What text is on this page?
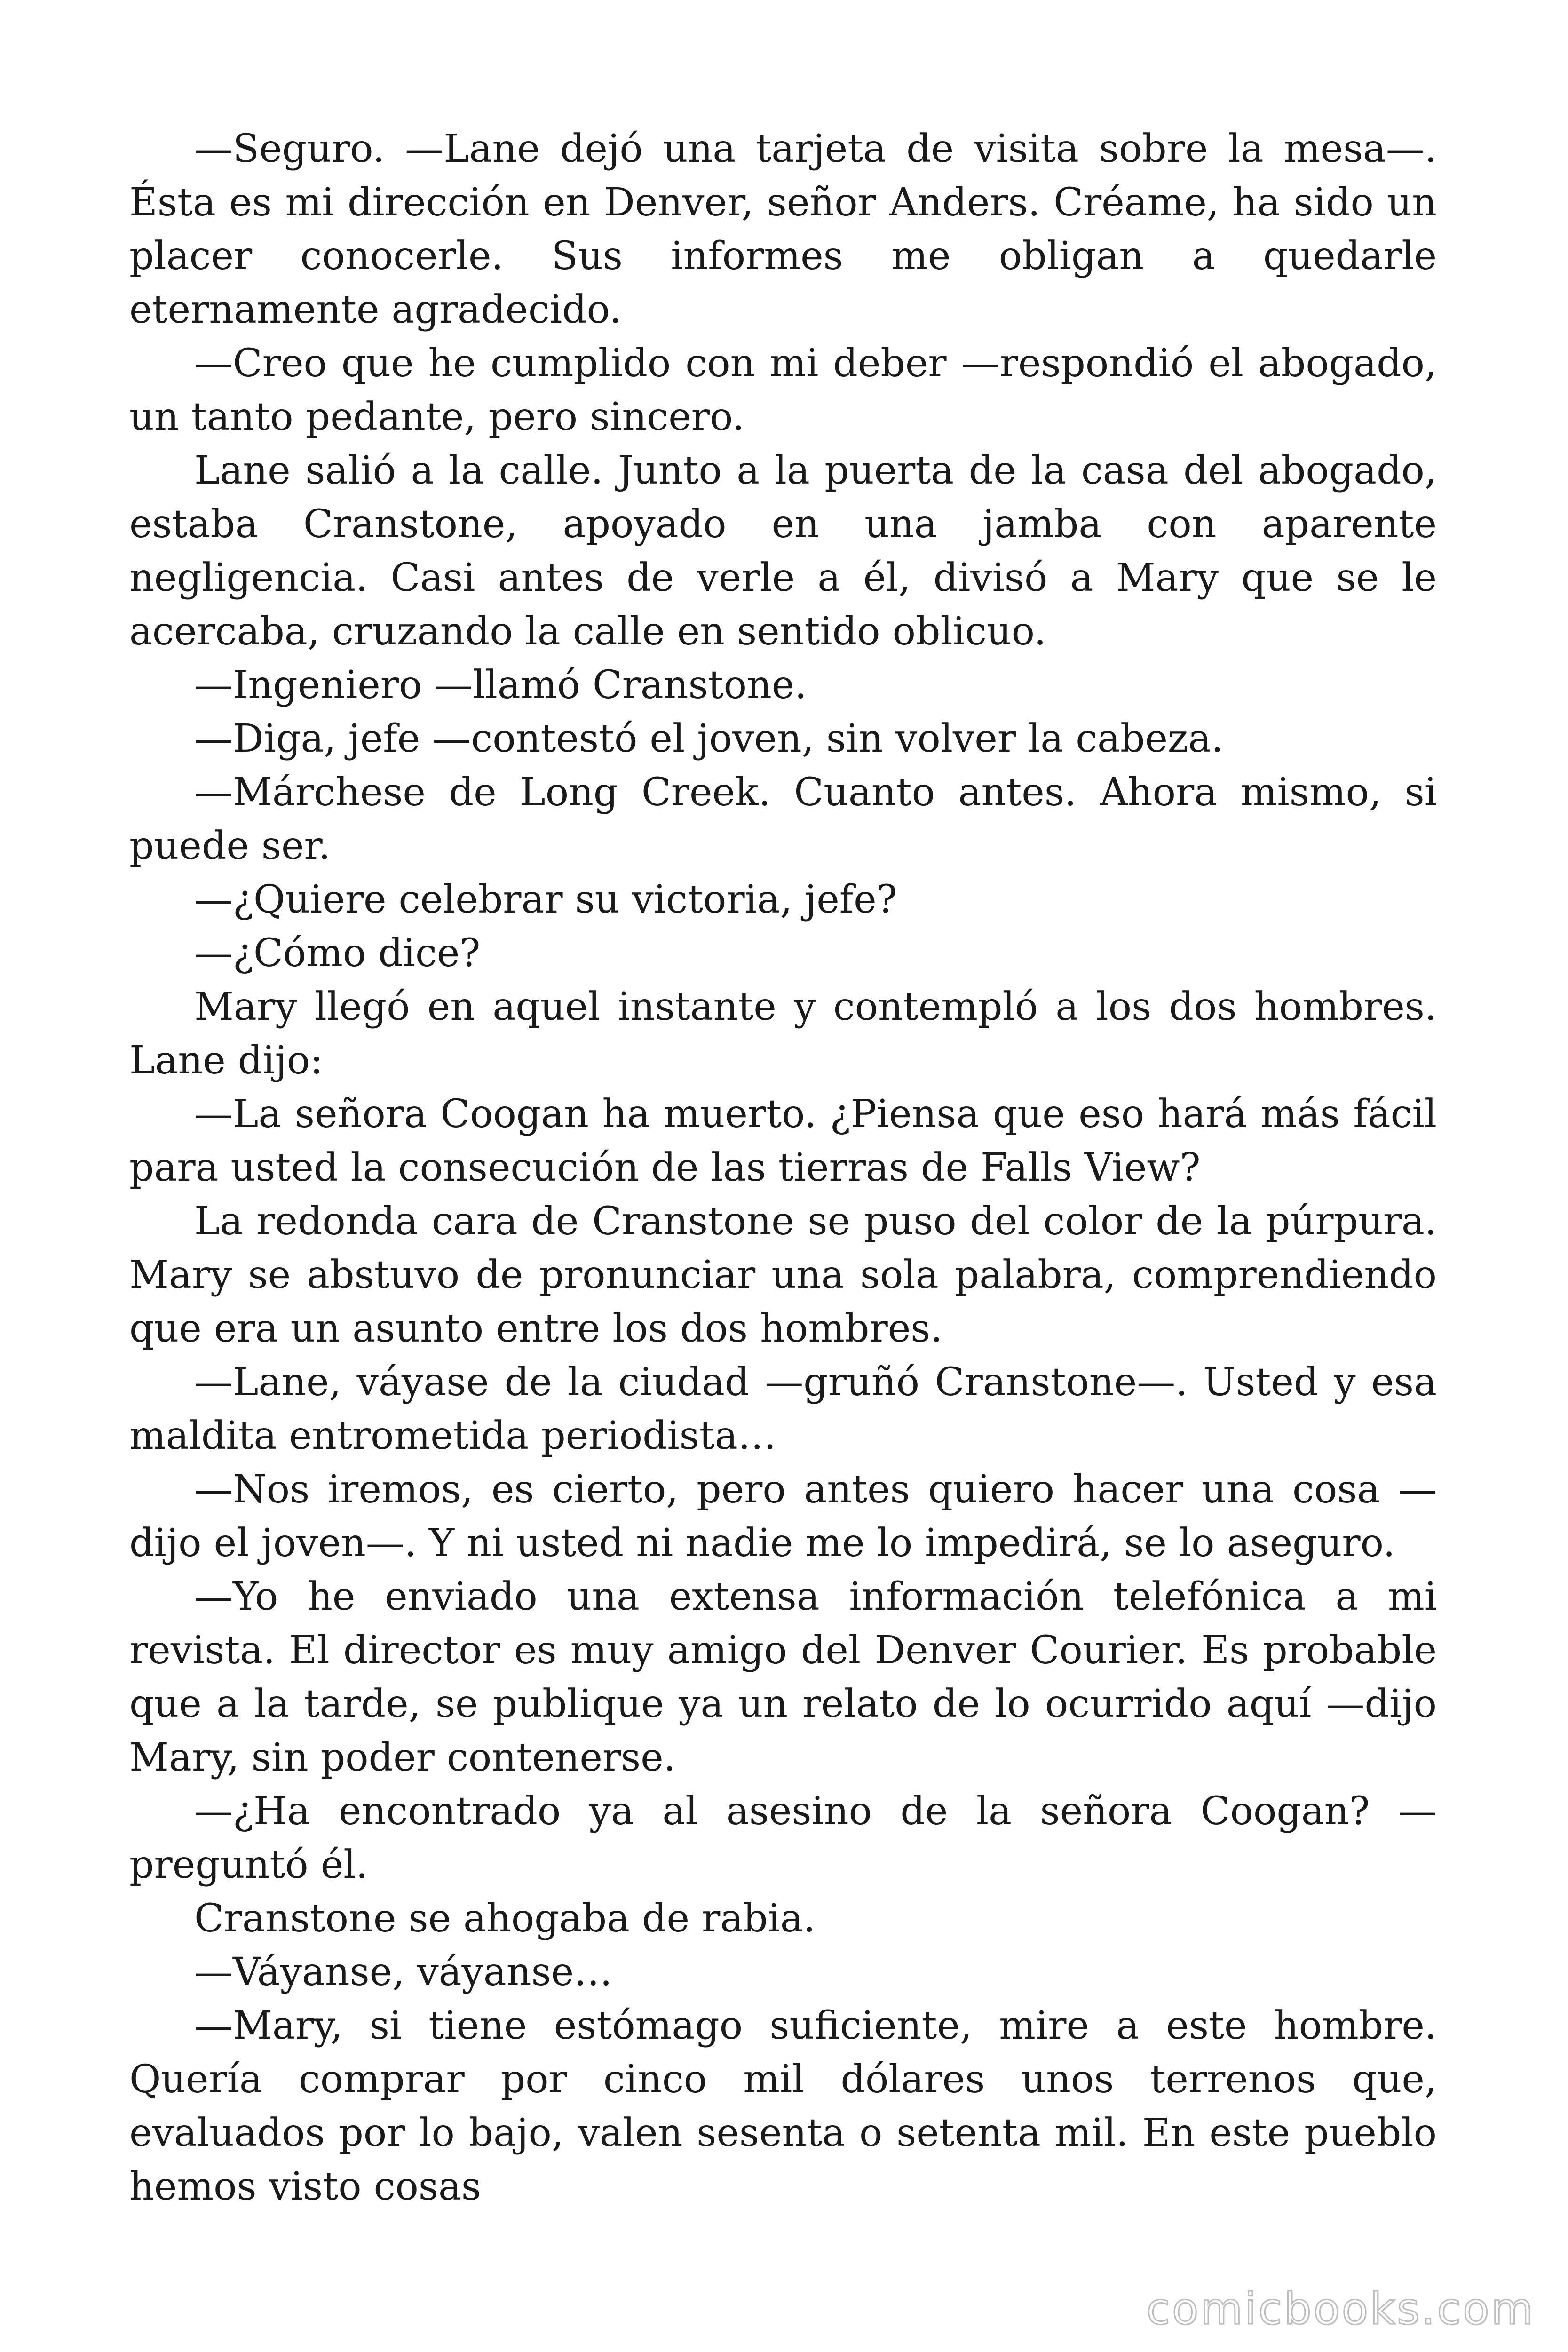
—Seguro. —Lane dejó una tarjeta de visita sobre la mesa—. Ésta es mi dirección en Denver, señor Anders. Créame, ha sido un placer conocerle. Sus informes me obligan a quedarle eternamente agradecido.

—Creo que he cumplido con mi deber —respondió el abogado, un tanto pedante, pero sincero.

Lane salió a la calle. Junto a la puerta de la casa del abogado, estaba Cranstone, apoyado en una jamba con aparente negligencia. Casi antes de verle a él, divisó a Mary que se le acercaba, cruzando la calle en sentido oblicuo.

—Ingeniero —llamó Cranstone.

—Diga, jefe —contestó el joven, sin volver la cabeza.

—Márchese de Long Creek. Cuanto antes. Ahora mismo, si puede ser.

—¿Quiere celebrar su victoria, jefe?

—¿Cómo dice?

Mary llegó en aquel instante y contempló a los dos hombres. Lane dijo:

—La señora Coogan ha muerto. ¿Piensa que eso hará más fácil para usted la consecución de las tierras de Falls View?

La redonda cara de Cranstone se puso del color de la púrpura. Mary se abstuvo de pronunciar una sola palabra, comprendiendo que era un asunto entre los dos hombres.

—Lane, váyase de la ciudad —gruñó Cranstone—. Usted y esa maldita entrometida periodista…

—Nos iremos, es cierto, pero antes quiero hacer una cosa —dijo el joven—. Y ni usted ni nadie me lo impedirá, se lo aseguro.

—Yo he enviado una extensa información telefónica a mi revista. El director es muy amigo del Denver Courier. Es probable que a la tarde, se publique ya un relato de lo ocurrido aquí —dijo Mary, sin poder contenerse.

—¿Ha encontrado ya al asesino de la señora Coogan? — preguntó él.

Cranstone se ahogaba de rabia.

—Váyanse, váyanse…

—Mary, si tiene estómago suficiente, mire a este hombre. Quería comprar por cinco mil dólares unos terrenos que, evaluados por lo bajo, valen sesenta o setenta mil. En este pueblo hemos visto cosas

comicbooks.com
